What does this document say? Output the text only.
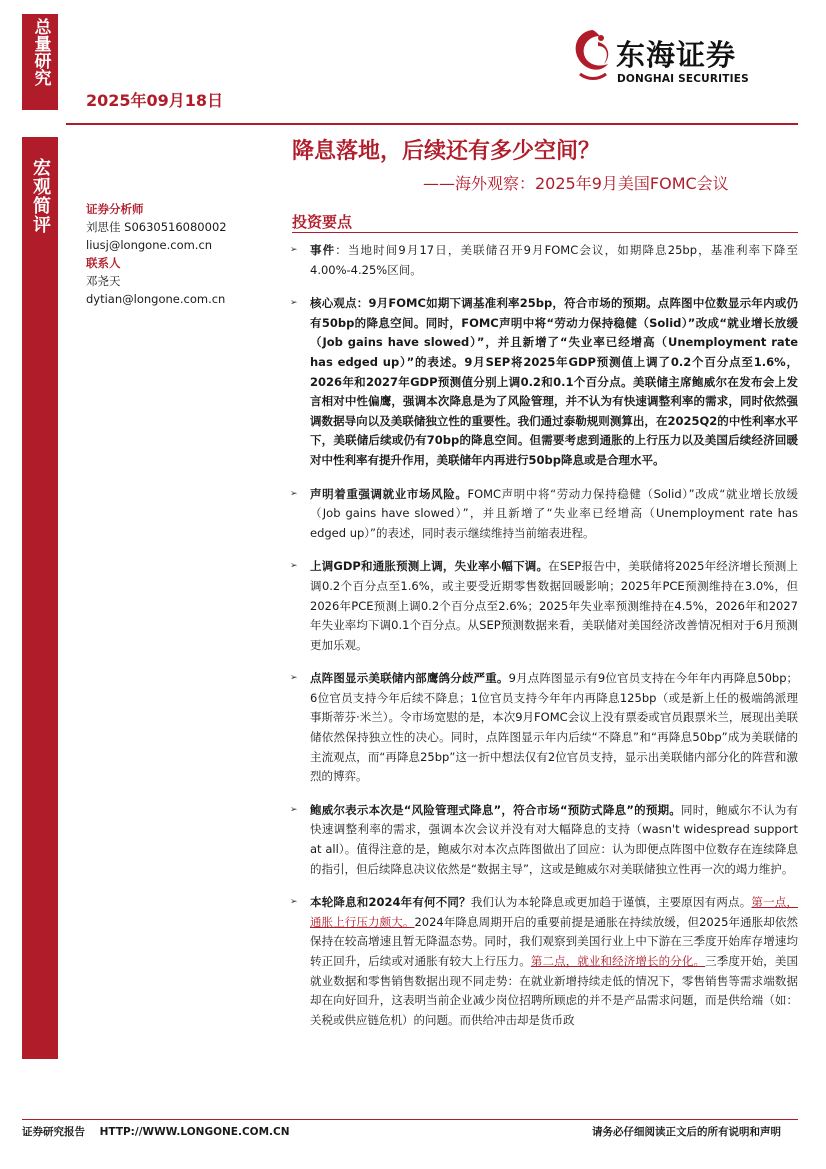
总量研究
宏观简评
2025年09月18日
东海证券
DONGHAI SECURITIES
降息落地，后续还有多少空间？
——海外观察：2025年9月美国FOMC会议
证券分析师
刘思佳 S0630516080002
liusj@longone.com.cn
联系人
邓尧天
dytian@longone.com.cn
投资要点
➢ 事件：当地时间9月17日，美联储召开9月FOMC会议，如期降息25bp，基准利率下降至4.00%-4.25%区间。
➢ 核心观点：9月FOMC如期下调基准利率25bp，符合市场的预期。点阵图中位数显示年内或仍有50bp的降息空间。同时，FOMC声明中将“劳动力保持稳健（Solid）”改成“就业增长放缓（Job gains have slowed）”，并且新增了“失业率已经增高（Unemployment rate has edged up）”的表述。9月SEP将2025年GDP预测值上调了0.2个百分点至1.6%，2026年和2027年GDP预测值分别上调0.2和0.1个百分点。美联储主席鲍威尔在发布会上发言相对中性偏鹰，强调本次降息是为了风险管理，并不认为有快速调整利率的需求，同时依然强调数据导向以及美联储独立性的重要性。我们通过泰勒规则测算出，在2025Q2的中性利率水平下，美联储后续或仍有70bp的降息空间。但需要考虑到通胀的上行压力以及美国后续经济回暖对中性利率有提升作用，美联储年内再进行50bp降息或是合理水平。
➢ 声明着重强调就业市场风险。FOMC声明中将“劳动力保持稳健（Solid）”改成“就业增长放缓（Job gains have slowed）”，并且新增了“失业率已经增高（Unemployment rate has edged up）”的表述，同时表示继续维持当前缩表进程。
➢ 上调GDP和通胀预测上调，失业率小幅下调。在SEP报告中，美联储将2025年经济增长预测上调0.2个百分点至1.6%，或主要受近期零售数据回暖影响；2025年PCE预测维持在3.0%，但2026年PCE预测上调0.2个百分点至2.6%；2025年失业率预测维持在4.5%，2026年和2027年失业率均下调0.1个百分点。从SEP预测数据来看，美联储对美国经济改善情况相对于6月预测更加乐观。
➢ 点阵图显示美联储内部鹰鸽分歧严重。9月点阵图显示有9位官员支持在今年年内再降息50bp；6位官员支持今年后续不降息；1位官员支持今年年内再降息125bp（或是新上任的极端鸽派理事斯蒂芬·米兰）。令市场宽慰的是，本次9月FOMC会议上没有票委或官员跟票米兰，展现出美联储依然保持独立性的决心。同时，点阵图显示年内后续“不降息”和“再降息50bp”成为美联储的主流观点，而“再降息25bp”这一折中想法仅有2位官员支持，显示出美联储内部分化的阵营和激烈的博弈。
➢ 鲍威尔表示本次是“风险管理式降息”，符合市场“预防式降息”的预期。同时，鲍威尔不认为有快速调整利率的需求，强调本次会议并没有对大幅降息的支持（wasn't widespread support at all）。值得注意的是，鲍威尔对本次点阵图做出了回应：认为即便点阵图中位数存在连续降息的指引，但后续降息决议依然是“数据主导”，这或是鲍威尔对美联储独立性再一次的竭力维护。
➢ 本轮降息和2024年有何不同？我们认为本轮降息或更加趋于谨慎，主要原因有两点。第一点，通胀上行压力颇大。2024年降息周期开启的重要前提是通胀在持续放缓，但2025年通胀却依然保持在较高增速且暂无降温态势。同时，我们观察到美国行业上中下游在三季度开始库存增速均转正回升，后续或对通胀有较大上行压力。第二点，就业和经济增长的分化。三季度开始，美国就业数据和零售销售数据出现不同走势：在就业新增持续走低的情况下，零售销售等需求端数据却在向好回升，这表明当前企业减少岗位招聘所顾虑的并不是产品需求问题，而是供给端（如：关税或供应链危机）的问题。而供给冲击却是货币政
证券研究报告    HTTP://WWW.LONGONE.COM.CN	请务必仔细阅读正文后的所有说明和声明
